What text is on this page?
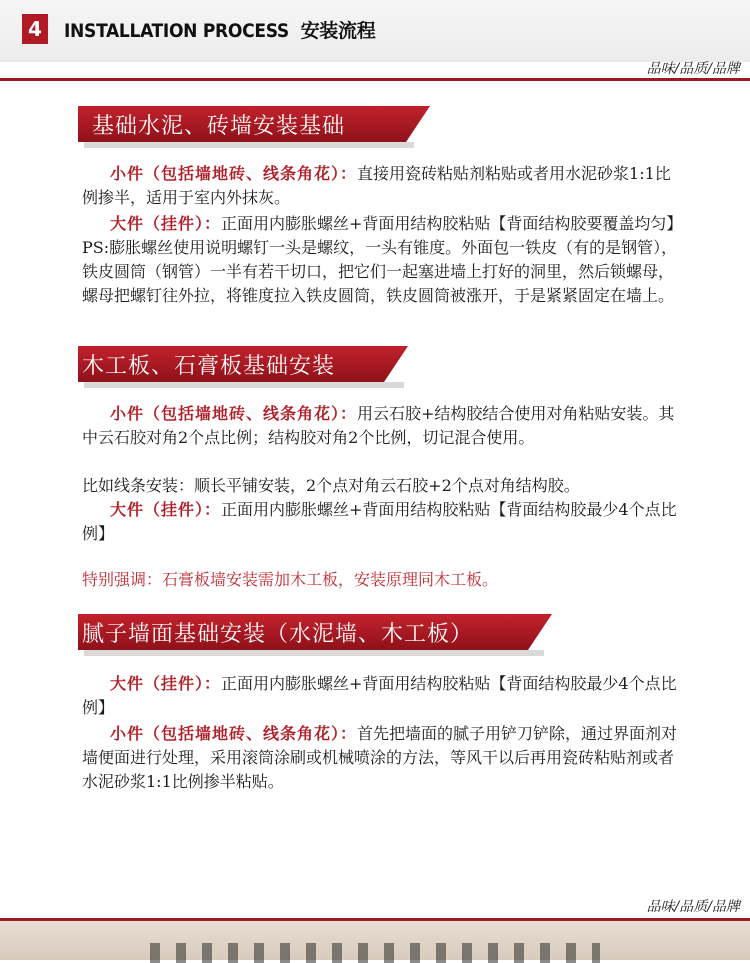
4	INSTALLATION PROCESS 安装流程
品味/品质/品牌
基础水泥、砖墙安装基础

小件（包括墙地砖、线条角花）：直接用瓷砖粘贴剂粘贴或者用水泥砂浆1:1比例掺半，适用于室内外抹灰。

大件（挂件）：正面用内膨胀螺丝+背面用结构胶粘贴【背面结构胶要覆盖均匀】PS:膨胀螺丝使用说明螺钉一头是螺纹，一头有锥度。外面包一铁皮（有的是钢管），铁皮圆筒（钢管）一半有若干切口，把它们一起塞进墙上打好的洞里，然后锁螺母，螺母把螺钉往外拉，将锥度拉入铁皮圆筒，铁皮圆筒被涨开，于是紧紧固定在墙上。

木工板、石膏板基础安装

小件（包括墙地砖、线条角花）：用云石胶+结构胶结合使用对角粘贴安装。其中云石胶对角2个点比例；结构胶对角2个比例，切记混合使用。

比如线条安装：顺长平铺安装，2个点对角云石胶+2个点对角结构胶。

大件（挂件）：正面用内膨胀螺丝+背面用结构胶粘贴【背面结构胶最少4个点比例】

特别强调：石膏板墙安装需加木工板，安装原理同木工板。

腻子墙面基础安装（水泥墙、木工板）

大件（挂件）：正面用内膨胀螺丝+背面用结构胶粘贴【背面结构胶最少4个点比例】

小件（包括墙地砖、线条角花）：首先把墙面的腻子用铲刀铲除，通过界面剂对墙便面进行处理，采用滚筒涂刷或机械喷涂的方法，等风干以后再用瓷砖粘贴剂或者水泥砂浆1:1比例掺半粘贴。

品味/品质/品牌
